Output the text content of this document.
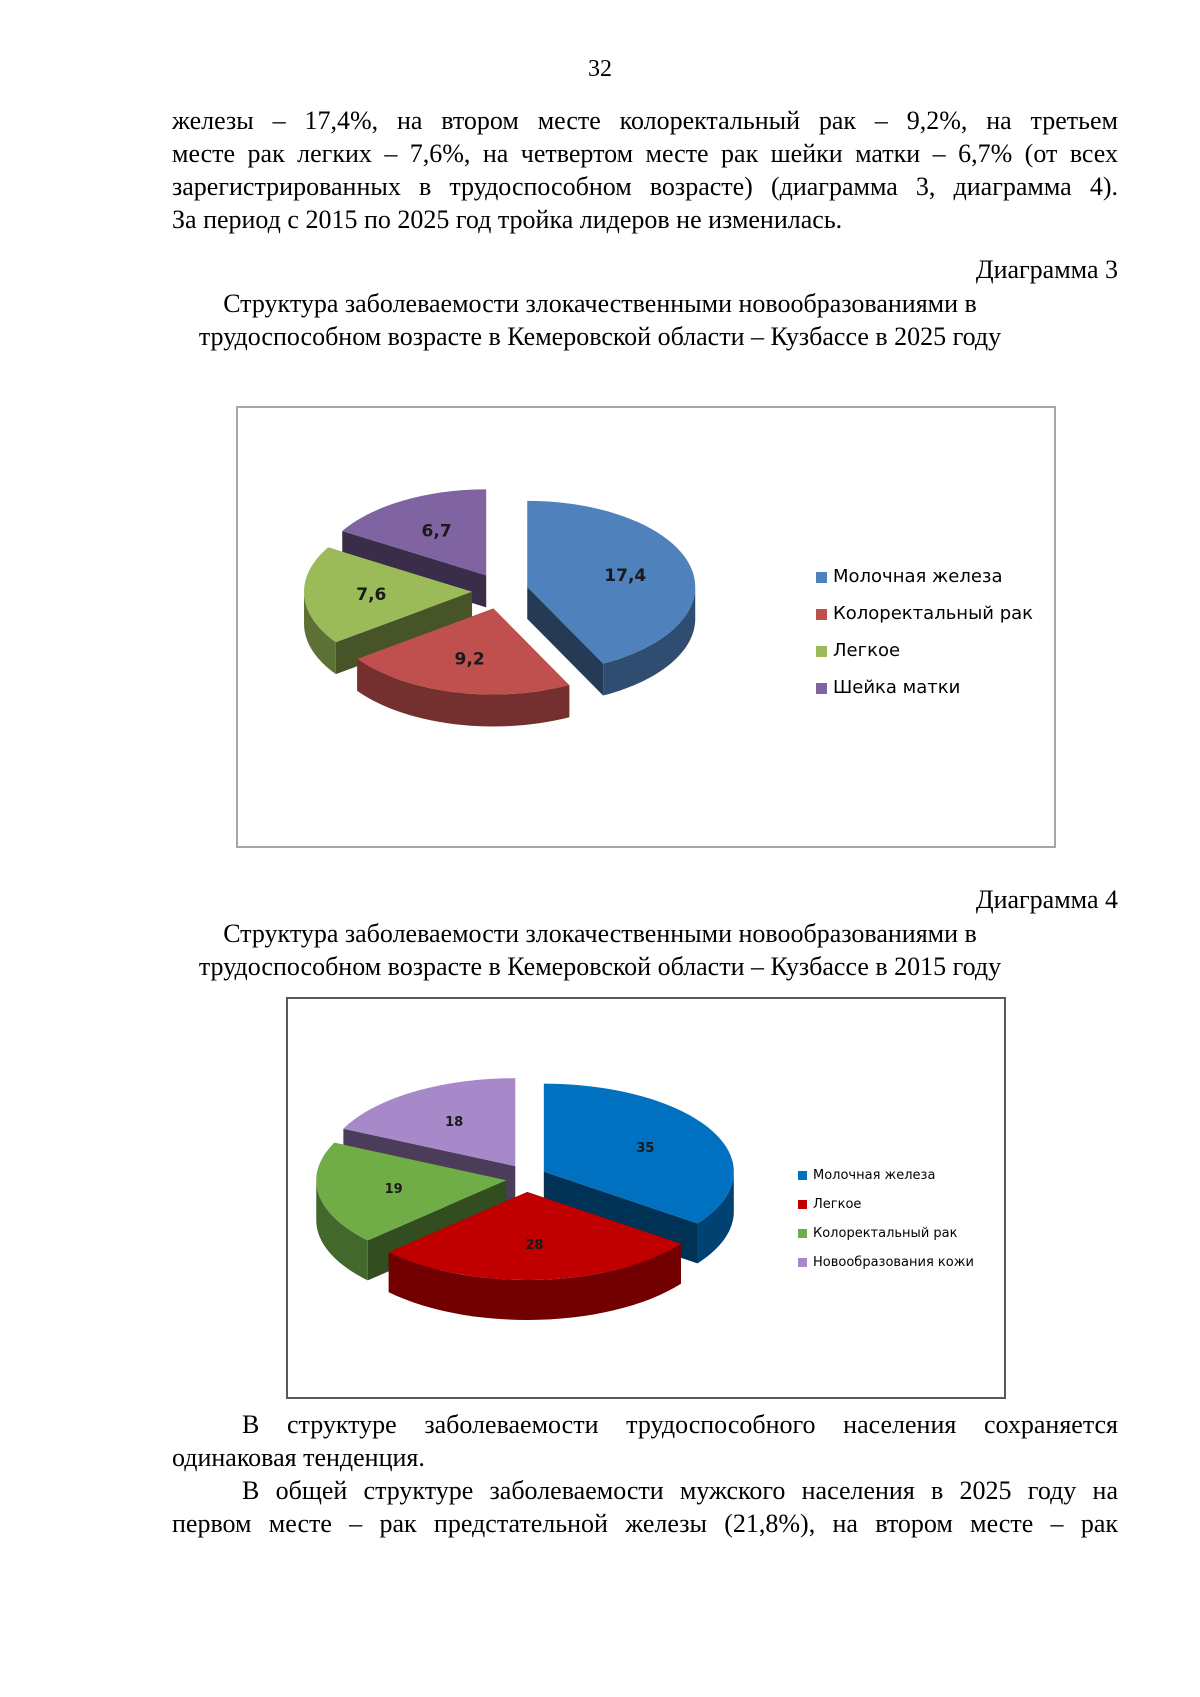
32
железы – 17,4%, на втором месте колоректальный рак – 9,2%, на третьем
месте рак легких – 7,6%, на четвертом месте рак шейки матки – 6,7% (от всех
зарегистрированных в трудоспособном возрасте) (диаграмма 3, диаграмма 4).
За период с 2015 по 2025 год тройка лидеров не изменилась.
Диаграмма 3
Структура заболеваемости злокачественными новообразованиями в
трудоспособном возрасте в Кемеровской области – Кузбассе в 2025 году
17,4
9,2
7,6
6,7
Молочная железа
Колоректальный рак
Легкое
Шейка матки
Диаграмма 4
Структура заболеваемости злокачественными новообразованиями в
трудоспособном возрасте в Кемеровской области – Кузбассе в 2015 году
35
28
19
18
Молочная железа
Легкое
Колоректальный рак
Новообразования кожи
В структуре заболеваемости трудоспособного населения сохраняется
одинаковая тенденция.
В общей структуре заболеваемости мужского населения в 2025 году на
первом месте – рак предстательной железы (21,8%), на втором месте – рак
